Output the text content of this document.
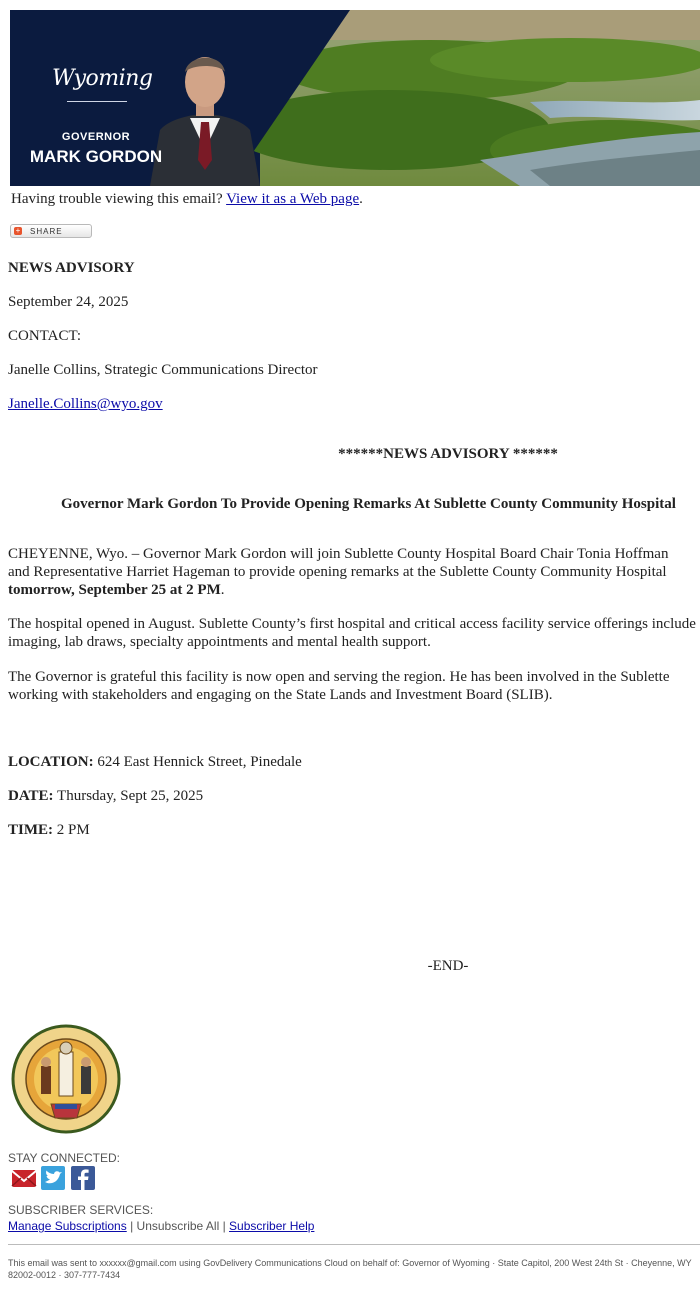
Wyoming
GOVERNOR
MARK GORDON
Having trouble viewing this email? View it as a Web page.
+ SHARE
NEWS ADVISORY
September 24, 2025
CONTACT:
Janelle Collins, Strategic Communications Director
Janelle.Collins@wyo.gov
******NEWS ADVISORY ******
Governor Mark Gordon To Provide Opening Remarks At Sublette County Community Hospital
CHEYENNE, Wyo. – Governor Mark Gordon will join Sublette County Hospital Board Chair Tonia Hoffman
and Representative Harriet Hageman to provide opening remarks at the Sublette County Community Hospital
tomorrow, September 25 at 2 PM.
The hospital opened in August. Sublette County’s first hospital and critical access facility service offerings include
imaging, lab draws, specialty appointments and mental health support.
The Governor is grateful this facility is now open and serving the region. He has been involved in the Sublette
working with stakeholders and engaging on the State Lands and Investment Board (SLIB).
LOCATION: 624 East Hennick Street, Pinedale
DATE: Thursday, Sept 25, 2025
TIME: 2 PM
-END-
STAY CONNECTED:
SUBSCRIBER SERVICES:
Manage Subscriptions | Unsubscribe All | Subscriber Help
This email was sent to xxxxxx@gmail.com using GovDelivery Communications Cloud on behalf of: Governor of Wyoming · State Capitol, 200 West 24th St · Cheyenne, WY
82002-0012 · 307-777-7434
